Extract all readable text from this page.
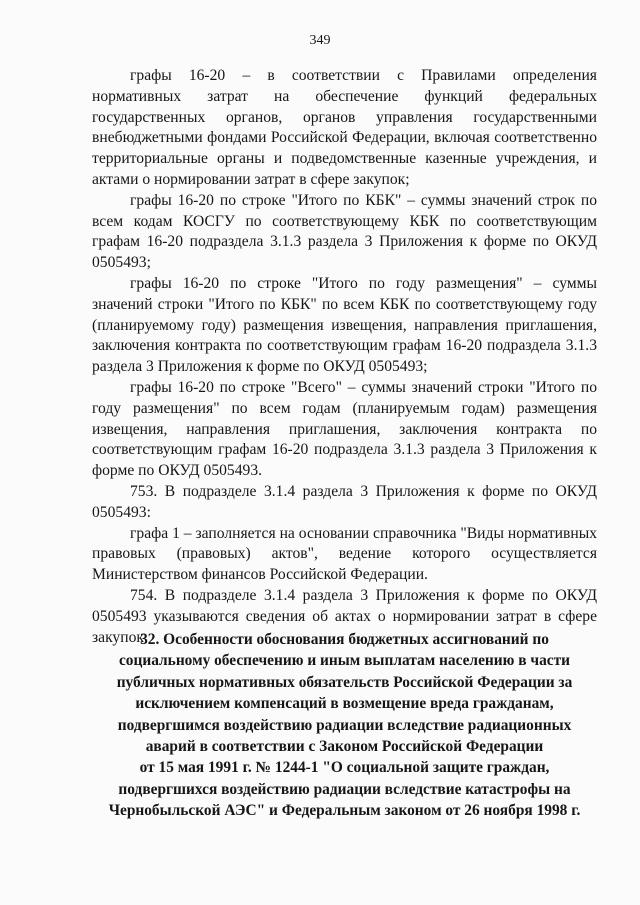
349

графы 16-20 – в соответствии с Правилами определения нормативных затрат на обеспечение функций федеральных государственных органов, органов управления государственными внебюджетными фондами Российской Федерации, включая соответственно территориальные органы и подведомственные казенные учреждения, и актами о нормировании затрат в сфере закупок;

графы 16-20 по строке "Итого по КБК" – суммы значений строк по всем кодам КОСГУ по соответствующему КБК по соответствующим графам 16-20 подраздела 3.1.3 раздела 3 Приложения к форме по ОКУД 0505493;

графы 16-20 по строке "Итого по году размещения" – суммы значений строки "Итого по КБК" по всем КБК по соответствующему году (планируемому году) размещения извещения, направления приглашения, заключения контракта по соответствующим графам 16-20 подраздела 3.1.3 раздела 3 Приложения к форме по ОКУД 0505493;

графы 16-20 по строке "Всего" – суммы значений строки "Итого по году размещения" по всем годам (планируемым годам) размещения извещения, направления приглашения, заключения контракта по соответствующим графам 16-20 подраздела 3.1.3 раздела 3 Приложения к форме по ОКУД 0505493.

753. В подразделе 3.1.4 раздела 3 Приложения к форме по ОКУД 0505493:

графа 1 – заполняется на основании справочника "Виды нормативных правовых (правовых) актов", ведение которого осуществляется Министерством финансов Российской Федерации.

754. В подразделе 3.1.4 раздела 3 Приложения к форме по ОКУД 0505493 указываются сведения об актах о нормировании затрат в сфере закупок.

32. Особенности обоснования бюджетных ассигнований по
социальному обеспечению и иным выплатам населению в части
публичных нормативных обязательств Российской Федерации за
исключением компенсаций в возмещение вреда гражданам,
подвергшимся воздействию радиации вследствие радиационных
аварий в соответствии с Законом Российской Федерации
от 15 мая 1991 г. № 1244-1 "О социальной защите граждан,
подвергшихся воздействию радиации вследствие катастрофы на
Чернобыльской АЭС" и Федеральным законом от 26 ноября 1998 г.
